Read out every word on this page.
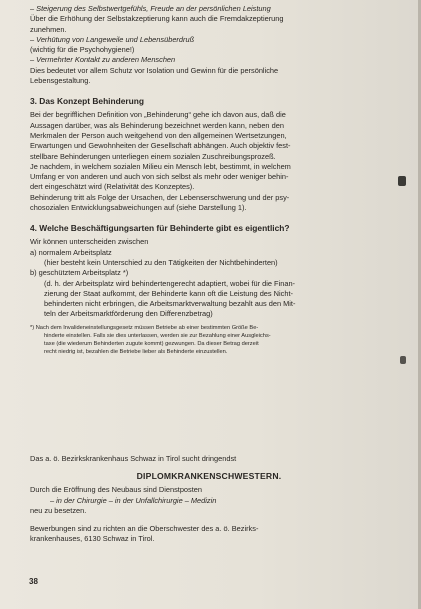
– Steigerung des Selbstwertgefühls, Freude an der persönlichen Leistung
Über die Erhöhung der Selbstakzeptierung kann auch die Fremdakzeptierung
zunehmen.
– Verhütung von Langeweile und Lebensüberdruß
(wichtig für die Psychohygiene!)
– Vermehrter Kontakt zu anderen Menschen
Dies bedeutet vor allem Schutz vor Isolation und Gewinn für die persönliche
Lebensgestaltung.
3. Das Konzept Behinderung
Bei der begrifflichen Definition von „Behinderung“ gehe ich davon aus, daß die
Aussagen darüber, was als Behinderung bezeichnet werden kann, neben den
Merkmalen der Person auch weitgehend von den allgemeinen Wertsetzungen,
Erwartungen und Gewohnheiten der Gesellschaft abhängen. Auch objektiv fest-
stellbare Behinderungen unterliegen einem sozialen Zuschreibungsprozeß.
Je nachdem, in welchem sozialen Milieu ein Mensch lebt, bestimmt, in welchem
Umfang er von anderen und auch von sich selbst als mehr oder weniger behin-
dert eingeschätzt wird (Relativität des Konzeptes).
Behinderung tritt als Folge der Ursachen, der Lebenserschwerung und der psy-
chosozialen Entwicklungsabweichungen auf (siehe Darstellung 1).
4. Welche Beschäftigungsarten für Behinderte gibt es eigentlich?
Wir können unterscheiden zwischen
a) normalem Arbeitsplatz
(hier besteht kein Unterschied zu den Tätigkeiten der Nichtbehinderten)
b) geschütztem Arbeitsplatz *)
(d. h. der Arbeitsplatz wird behindertengerecht adaptiert, wobei für die Finan-
zierung der Staat aufkommt, der Behinderte kann oft die Leistung des Nicht-
behinderten nicht erbringen, die Arbeitsmarktverwaltung bezahlt aus den Mit-
teln der Arbeitsmarktförderung den Differenzbetrag)
*) Nach dem Invalideneinstellungsgesetz müssen Betriebe ab einer bestimmten Größe Be-
hinderte einstellen. Falls sie dies unterlassen, werden sie zur Bezahlung einer Ausgleichs-
taxe (die wiederum Behinderten zugute kommt) gezwungen. Da dieser Betrag derzeit
recht niedrig ist, bezahlen die Betriebe lieber als Behinderte einzustellen.
Das a. ö. Bezirkskrankenhaus Schwaz in Tirol sucht dringendst
DIPLOMKRANKENSCHWESTERN.
Durch die Eröffnung des Neubaus sind Dienstposten
– in der Chirurgie – in der Unfallchirurgie – Medizin
neu zu besetzen.
Bewerbungen sind zu richten an die Oberschwester des a. ö. Bezirks-
krankenhauses, 6130 Schwaz in Tirol.
38
